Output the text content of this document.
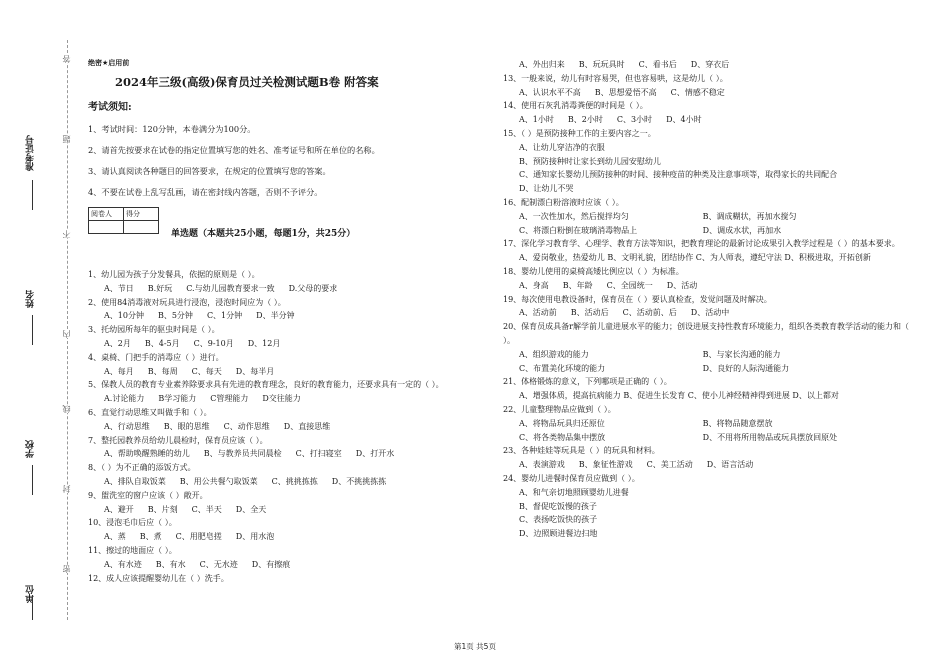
准考证号
姓名
学校
单位
答
题
不
内
线
封
密
绝密★启用前
2024年三级(高级)保育员过关检测试题B卷 附答案
考试须知:
1、考试时间：120分钟，本卷满分为100分。
2、请首先按要求在试卷的指定位置填写您的姓名、准考证号和所在单位的名称。
3、请认真阅读各种题目的回答要求，在规定的位置填写您的答案。
4、不要在试卷上乱写乱画，请在密封线内答题，否则不予评分。
阅卷人	得分

单选题（本题共25小题，每题1分，共25分）
1、幼儿园为孩子分发餐具，依据的原则是（ ）。
A、节日 B.好玩 C.与幼儿园教育要求一致 D.父母的要求
2、使用84消毒液对玩具进行浸泡，浸泡时间应为（ ）。
A、10分钟 B、5分钟 C、1分钟 D、半分钟
3、托幼园所每年的驱虫时间是（ ）。
A、2月 B、4-5月 C、9-10月 D、12月
4、桌椅、门把手的消毒应（ ）进行。
A、每月 B、每周 C、每天 D、每半月
5、保教人员的教育专业素养除要求具有先进的教育理念，良好的教育能力，还要求具有一定的（ ）。
A.讨论能力 B学习能力 C管理能力 D交往能力
6、直觉行动思维又叫做手和（ ）。
A、行动思维 B、眼的思维 C、动作思维 D、直接思维
7、整托园教养员给幼儿晨检时，保育员应该（ ）。
A、帮助唤醒熟睡的幼儿 B、与教养员共同晨检 C、打扫寝室 D、打开水
8、（ ）为不正确的添饭方式。
A、排队自取饭菜 B、用公共餐勺取饭菜 C、挑挑拣拣 D、不挑挑拣拣
9、盥洗室的窗户应该（ ）敞开。
A、避开 B、片刻 C、半天 D、全天
10、浸泡毛巾后应（ ）。
A、蒸 B、煮 C、用肥皂搓 D、用水泡
11、擦过的地面应（ ）。
A、有水迹 B、有水 C、无水迹 D、有擦痕
12、成人应该提醒婴幼儿在（ ）洗手。
A、外出归来 B、玩玩具时 C、看书后 D、穿衣后
13、一般来说，幼儿有时容易哭，但也容易哄，这是幼儿（ ）。
A、认识水平不高 B、思想爱悟不高 C、情感不稳定
14、使用石灰乳消毒粪便的时间是（ ）。
A、1小时 B、2小时 C、3小时 D、4小时
15、（ ）是预防接种工作的主要内容之一。
A、让幼儿穿洁净的衣服
B、预防接种时让家长到幼儿园安慰幼儿
C、通知家长婴幼儿预防接种的时间、接种疫苗的种类及注意事项等，取得家长的共同配合
D、让幼儿不哭
16、配制漂白粉溶液时应该（ ）。
A、一次性加水，然后搅拌均匀	B、调成糊状，再加水搅匀
C、将漂白粉倒在玻璃消毒物品上	D、调成水状，再加水
17、深化学习教育学、心理学、教育方法等知识，把教育理论的最新讨论成果引入教学过程是（ ）的基本要求。
A、爱岗敬业，热爱幼儿 B、文明礼貌，团结协作 C、为人师表，遵纪守法 D、积极进取，开拓创新
18、婴幼儿使用的桌椅高矮比例应以（ ）为标准。
A、身高 B、年龄 C、全园统一 D、活动
19、每次使用电教设备时，保育员在（ ）要认真检查，发觉问题及时解决。
A、活动前 B、活动后 C、活动前、后 D、活动中
20、保育员成具备r解学前儿童进展水平的能力；创设进展支持性教育环境能力，组织各类教育教学活动的能力和（ ）。
A、组织游戏的能力	B、与家长沟通的能力
C、布置美化环境的能力	D、良好的人际沟通能力
21、体格锻炼的意义，下列哪项是正确的（ ）。
A、增强体质，提高抗病能力 B、促进生长发育 C、使小儿神经精神得到进展 D、以上都对
22、儿童整理物品应做到（ ）。
A、将物品玩具归还原位	B、将物品随意摆放
C、将各类物品集中摆放	D、不用将所用物品或玩具摆放回原处
23、各种娃娃等玩具是（ ）的玩具和材料。
A、表演游戏 B、象征性游戏 C、美工活动 D、语言活动
24、婴幼儿进餐时保育员应做到（ ）。
A、和气亲切地照顾婴幼儿进餐
B、督促吃饭慢的孩子
C、表扬吃饭快的孩子
D、边照顾进餐边扫地
第1页 共5页
